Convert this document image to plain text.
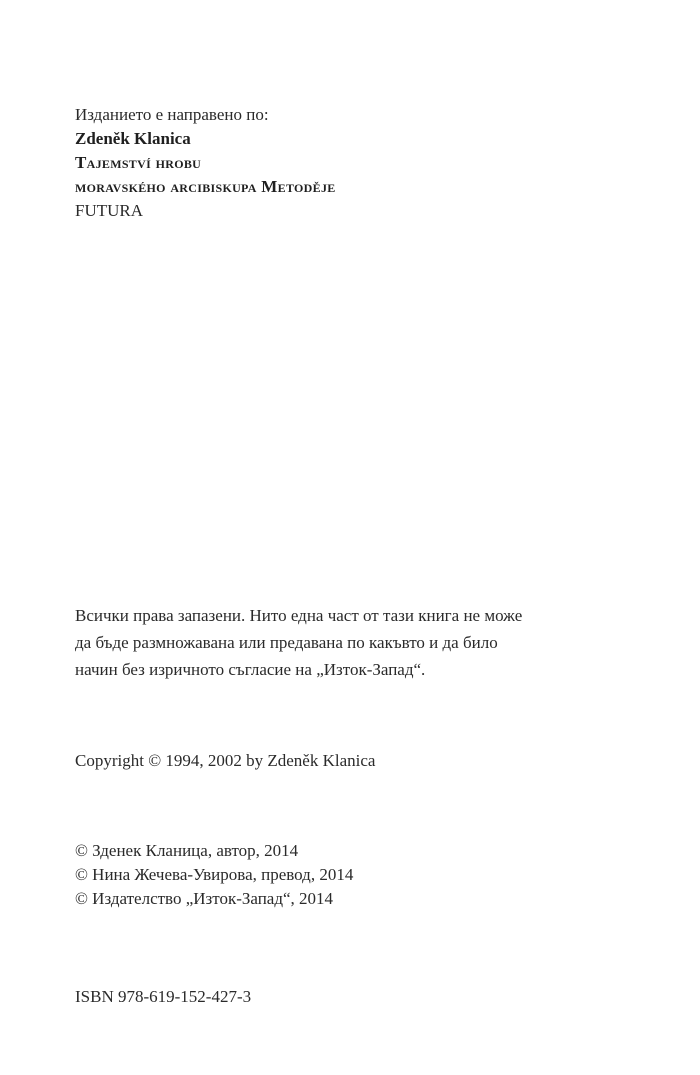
Изданието е направено по:
Zdeněk Klanica
Tajemství hrobu
moravského arcibiskupa Metoděje
FUTURA
Всички права запазени. Нито една част от тази книга не може
да бъде размножавана или предавана по какъвто и да било
начин без изричното съгласие на „Изток-Запад“.
Copyright © 1994, 2002 by Zdeněk Klanica
© Зденек Кланица, автор, 2014
© Нина Жечева-Увирова, превод, 2014
© Издателство „Изток-Запад“, 2014
ISBN 978-619-152-427-3
